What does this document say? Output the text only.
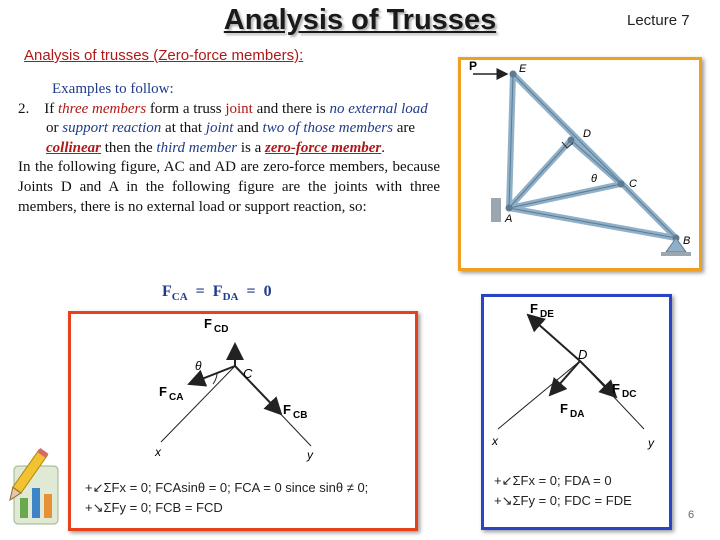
Analysis of Trusses	Lecture 7
Analysis of trusses (Zero-force members):

Examples to follow:

2. If three members form a truss joint and there is no external load or support reaction at that joint and two of those members are collinear then the third member is a zero-force member.

In the following figure, AC and AD are zero-force members, because Joints D and A in the following figure are the joints with three members, there is no external load or support reaction, so:

$F_{CA} = F_{DA} = 0$
P	E
D
C
A
B
θ
F CD
θ	C
F CA
F CB
x	y
+↙ΣFx = 0; FCAsinθ = 0; FCA = 0 since sinθ ≠ 0;
+↘ΣFy = 0; FCB = FCD
F DE
D
F DC
F DA
x	y
+↙ΣFx = 0; FDA = 0
+↘ΣFy = 0; FDC = FDE
6
